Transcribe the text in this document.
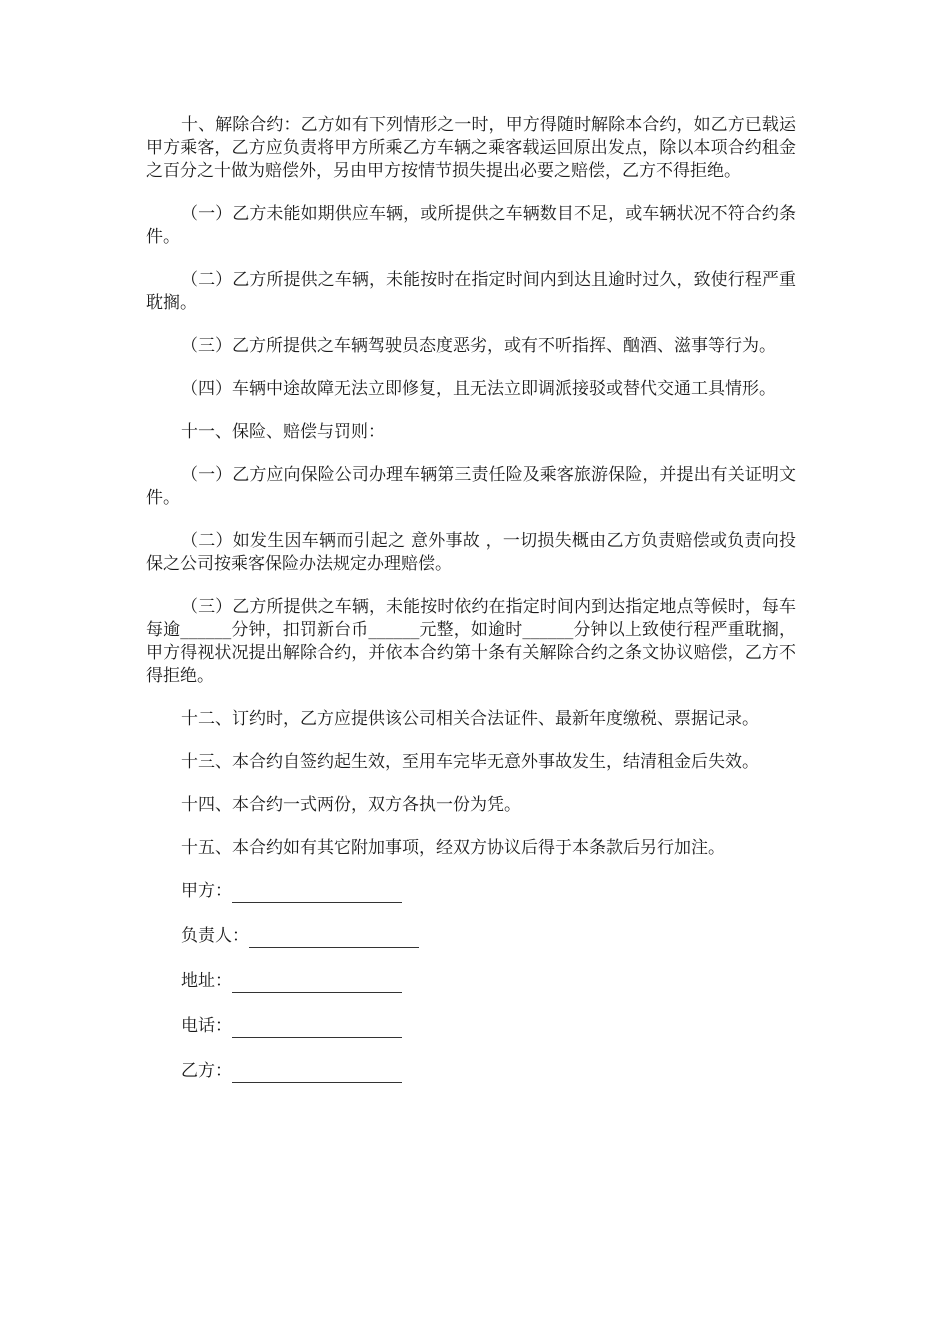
十、解除合约：乙方如有下列情形之一时，甲方得随时解除本合约，如乙方已载运甲方乘客，乙方应负责将甲方所乘乙方车辆之乘客载运回原出发点，除以本项合约租金之百分之十做为赔偿外，另由甲方按情节损失提出必要之赔偿，乙方不得拒绝。

（一）乙方未能如期供应车辆，或所提供之车辆数目不足，或车辆状况不符合约条件。

（二）乙方所提供之车辆，未能按时在指定时间内到达且逾时过久，致使行程严重耽搁。

（三）乙方所提供之车辆驾驶员态度恶劣，或有不听指挥、酗酒、滋事等行为。

（四）车辆中途故障无法立即修复，且无法立即调派接驳或替代交通工具情形。

十一、保险、赔偿与罚则：

（一）乙方应向保险公司办理车辆第三责任险及乘客旅游保险，并提出有关证明文件。

（二）如发生因车辆而引起之 意外事故 ，一切损失概由乙方负责赔偿或负责向投保之公司按乘客保险办法规定办理赔偿。

（三）乙方所提供之车辆，未能按时依约在指定时间内到达指定地点等候时，每车每逾______分钟，扣罚新台币______元整，如逾时______分钟以上致使行程严重耽搁，甲方得视状况提出解除合约，并依本合约第十条有关解除合约之条文协议赔偿，乙方不得拒绝。

十二、订约时，乙方应提供该公司相关合法证件、最新年度缴税、票据记录。

十三、本合约自签约起生效，至用车完毕无意外事故发生，结清租金后失效。

十四、本合约一式两份，双方各执一份为凭。

十五、本合约如有其它附加事项，经双方协议后得于本条款后另行加注。

甲方：
负责人：
地址：
电话：
乙方：
